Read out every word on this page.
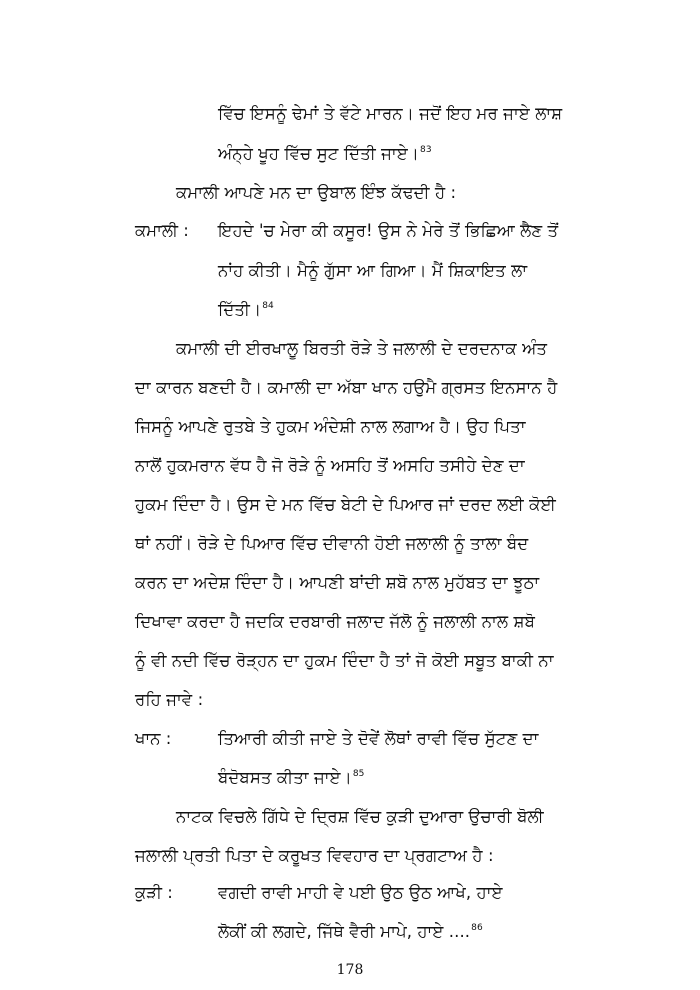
ਵਿੱਚ ਇਸਨੂੰ ਢੇਮਾਂ ਤੇ ਵੱਟੇ ਮਾਰਨ। ਜਦੋਂ ਇਹ ਮਰ ਜਾਏ ਲਾਸ਼
ਅੰਨ੍ਹੇ ਖੂਹ ਵਿੱਚ ਸੁਟ ਦਿੱਤੀ ਜਾਏ।$^{83}$
ਕਮਾਲੀ ਆਪਣੇ ਮਨ ਦਾ ਉਬਾਲ ਇੰਝ ਕੱਢਦੀ ਹੈ :
ਕਮਾਲੀ : ਇਹਦੇ 'ਚ ਮੇਰਾ ਕੀ ਕਸੂਰ! ਉਸ ਨੇ ਮੇਰੇ ਤੋਂ ਭਿਛਿਆ ਲੈਣ ਤੋਂ
ਨਾਂਹ ਕੀਤੀ। ਮੈਨੂੰ ਗੁੱਸਾ ਆ ਗਿਆ। ਮੈਂ ਸ਼ਿਕਾਇਤ ਲਾ
ਦਿੱਤੀ।$^{84}$
ਕਮਾਲੀ ਦੀ ਈਰਖਾਲੂ ਬਿਰਤੀ ਰੋੜੇ ਤੇ ਜਲਾਲੀ ਦੇ ਦਰਦਨਾਕ ਅੰਤ
ਦਾ ਕਾਰਨ ਬਣਦੀ ਹੈ। ਕਮਾਲੀ ਦਾ ਅੱਬਾ ਖਾਨ ਹਉਮੈ ਗ੍ਰਸਤ ਇਨਸਾਨ ਹੈ
ਜਿਸਨੂੰ ਆਪਣੇ ਰੁਤਬੇ ਤੇ ਹੁਕਮ ਅੰਦੇਸ਼ੀ ਨਾਲ ਲਗਾਅ ਹੈ। ਉਹ ਪਿਤਾ
ਨਾਲੋਂ ਹੁਕਮਰਾਨ ਵੱਧ ਹੈ ਜੋ ਰੋੜੇ ਨੂੰ ਅਸਹਿ ਤੋਂ ਅਸਹਿ ਤਸੀਹੇ ਦੇਣ ਦਾ
ਹੁਕਮ ਦਿੰਦਾ ਹੈ। ਉਸ ਦੇ ਮਨ ਵਿੱਚ ਬੇਟੀ ਦੇ ਪਿਆਰ ਜਾਂ ਦਰਦ ਲਈ ਕੋਈ
ਥਾਂ ਨਹੀਂ। ਰੋੜੇ ਦੇ ਪਿਆਰ ਵਿੱਚ ਦੀਵਾਨੀ ਹੋਈ ਜਲਾਲੀ ਨੂੰ ਤਾਲਾ ਬੰਦ
ਕਰਨ ਦਾ ਅਦੇਸ਼ ਦਿੰਦਾ ਹੈ। ਆਪਣੀ ਬਾਂਦੀ ਸ਼ਬੋ ਨਾਲ ਮੁਹੱਬਤ ਦਾ ਝੂਠਾ
ਦਿਖਾਵਾ ਕਰਦਾ ਹੈ ਜਦਕਿ ਦਰਬਾਰੀ ਜਲਾਦ ਜੱਲੋ ਨੂੰ ਜਲਾਲੀ ਨਾਲ ਸ਼ਬੋ
ਨੂੰ ਵੀ ਨਦੀ ਵਿੱਚ ਰੋੜ੍ਹਨ ਦਾ ਹੁਕਮ ਦਿੰਦਾ ਹੈ ਤਾਂ ਜੋ ਕੋਈ ਸਬੂਤ ਬਾਕੀ ਨਾ
ਰਹਿ ਜਾਵੇ :
ਖਾਨ :	ਤਿਆਰੀ ਕੀਤੀ ਜਾਏ ਤੇ ਦੋਵੇਂ ਲੋਥਾਂ ਰਾਵੀ ਵਿੱਚ ਸੁੱਟਣ ਦਾ
ਬੰਦੋਬਸਤ ਕੀਤਾ ਜਾਏ।$^{85}$
ਨਾਟਕ ਵਿਚਲੇ ਗਿੱਧੇ ਦੇ ਦ੍ਰਿਸ਼ ਵਿੱਚ ਕੁੜੀ ਦੁਆਰਾ ਉਚਾਰੀ ਬੋਲੀ
ਜਲਾਲੀ ਪ੍ਰਤੀ ਪਿਤਾ ਦੇ ਕਰੂਖਤ ਵਿਵਹਾਰ ਦਾ ਪ੍ਰਗਟਾਅ ਹੈ :
ਕੁੜੀ :	ਵਗਦੀ ਰਾਵੀ ਮਾਹੀ ਵੇ ਪਈ ਉਠ ਉਠ ਆਖੇ, ਹਾਏ
ਲੋਕੀਂ ਕੀ ਲਗਦੇ, ਜਿੱਥੇ ਵੈਰੀ ਮਾਪੇ, ਹਾਏ ....$^{86}$
178
